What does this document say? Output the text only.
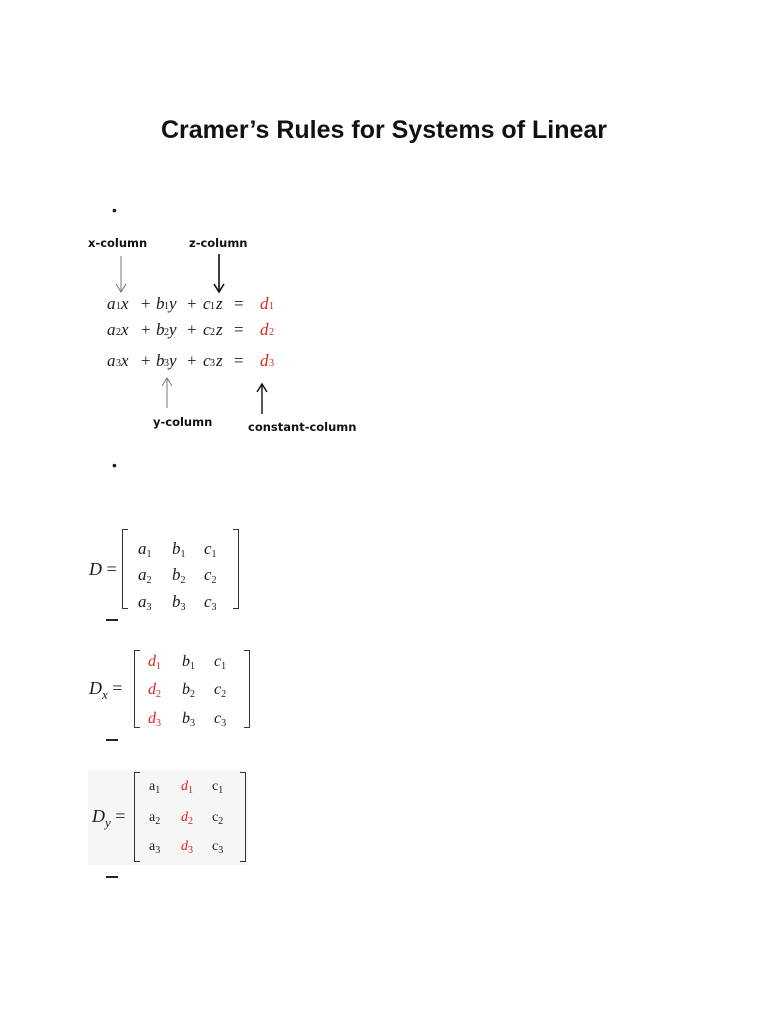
Cramer’s Rules for Systems of Linear
•
x-column	z-column
a 1 x + b 1 y + c 1 z = d 1
a 2 x + b 2 y + c 2 z = d 2
a 3 x + b 3 y + c 3 z = d 3
y-column	constant-column
•
D =
$a_1$ $b_1$ $c_1$
$a_2$ $b_2$ $c_2$
$a_3$ $b_3$ $c_3$
$D_x$ =
$d_1$ $b_1$ $c_1$
$d_2$ $b_2$ $c_2$
$d_3$ $b_3$ $c_3$
$D_y$ =
$a_1$ $d_1$ $c_1$
$a_2$ $d_2$ $c_2$
$a_3$ $d_3$ $c_3$
